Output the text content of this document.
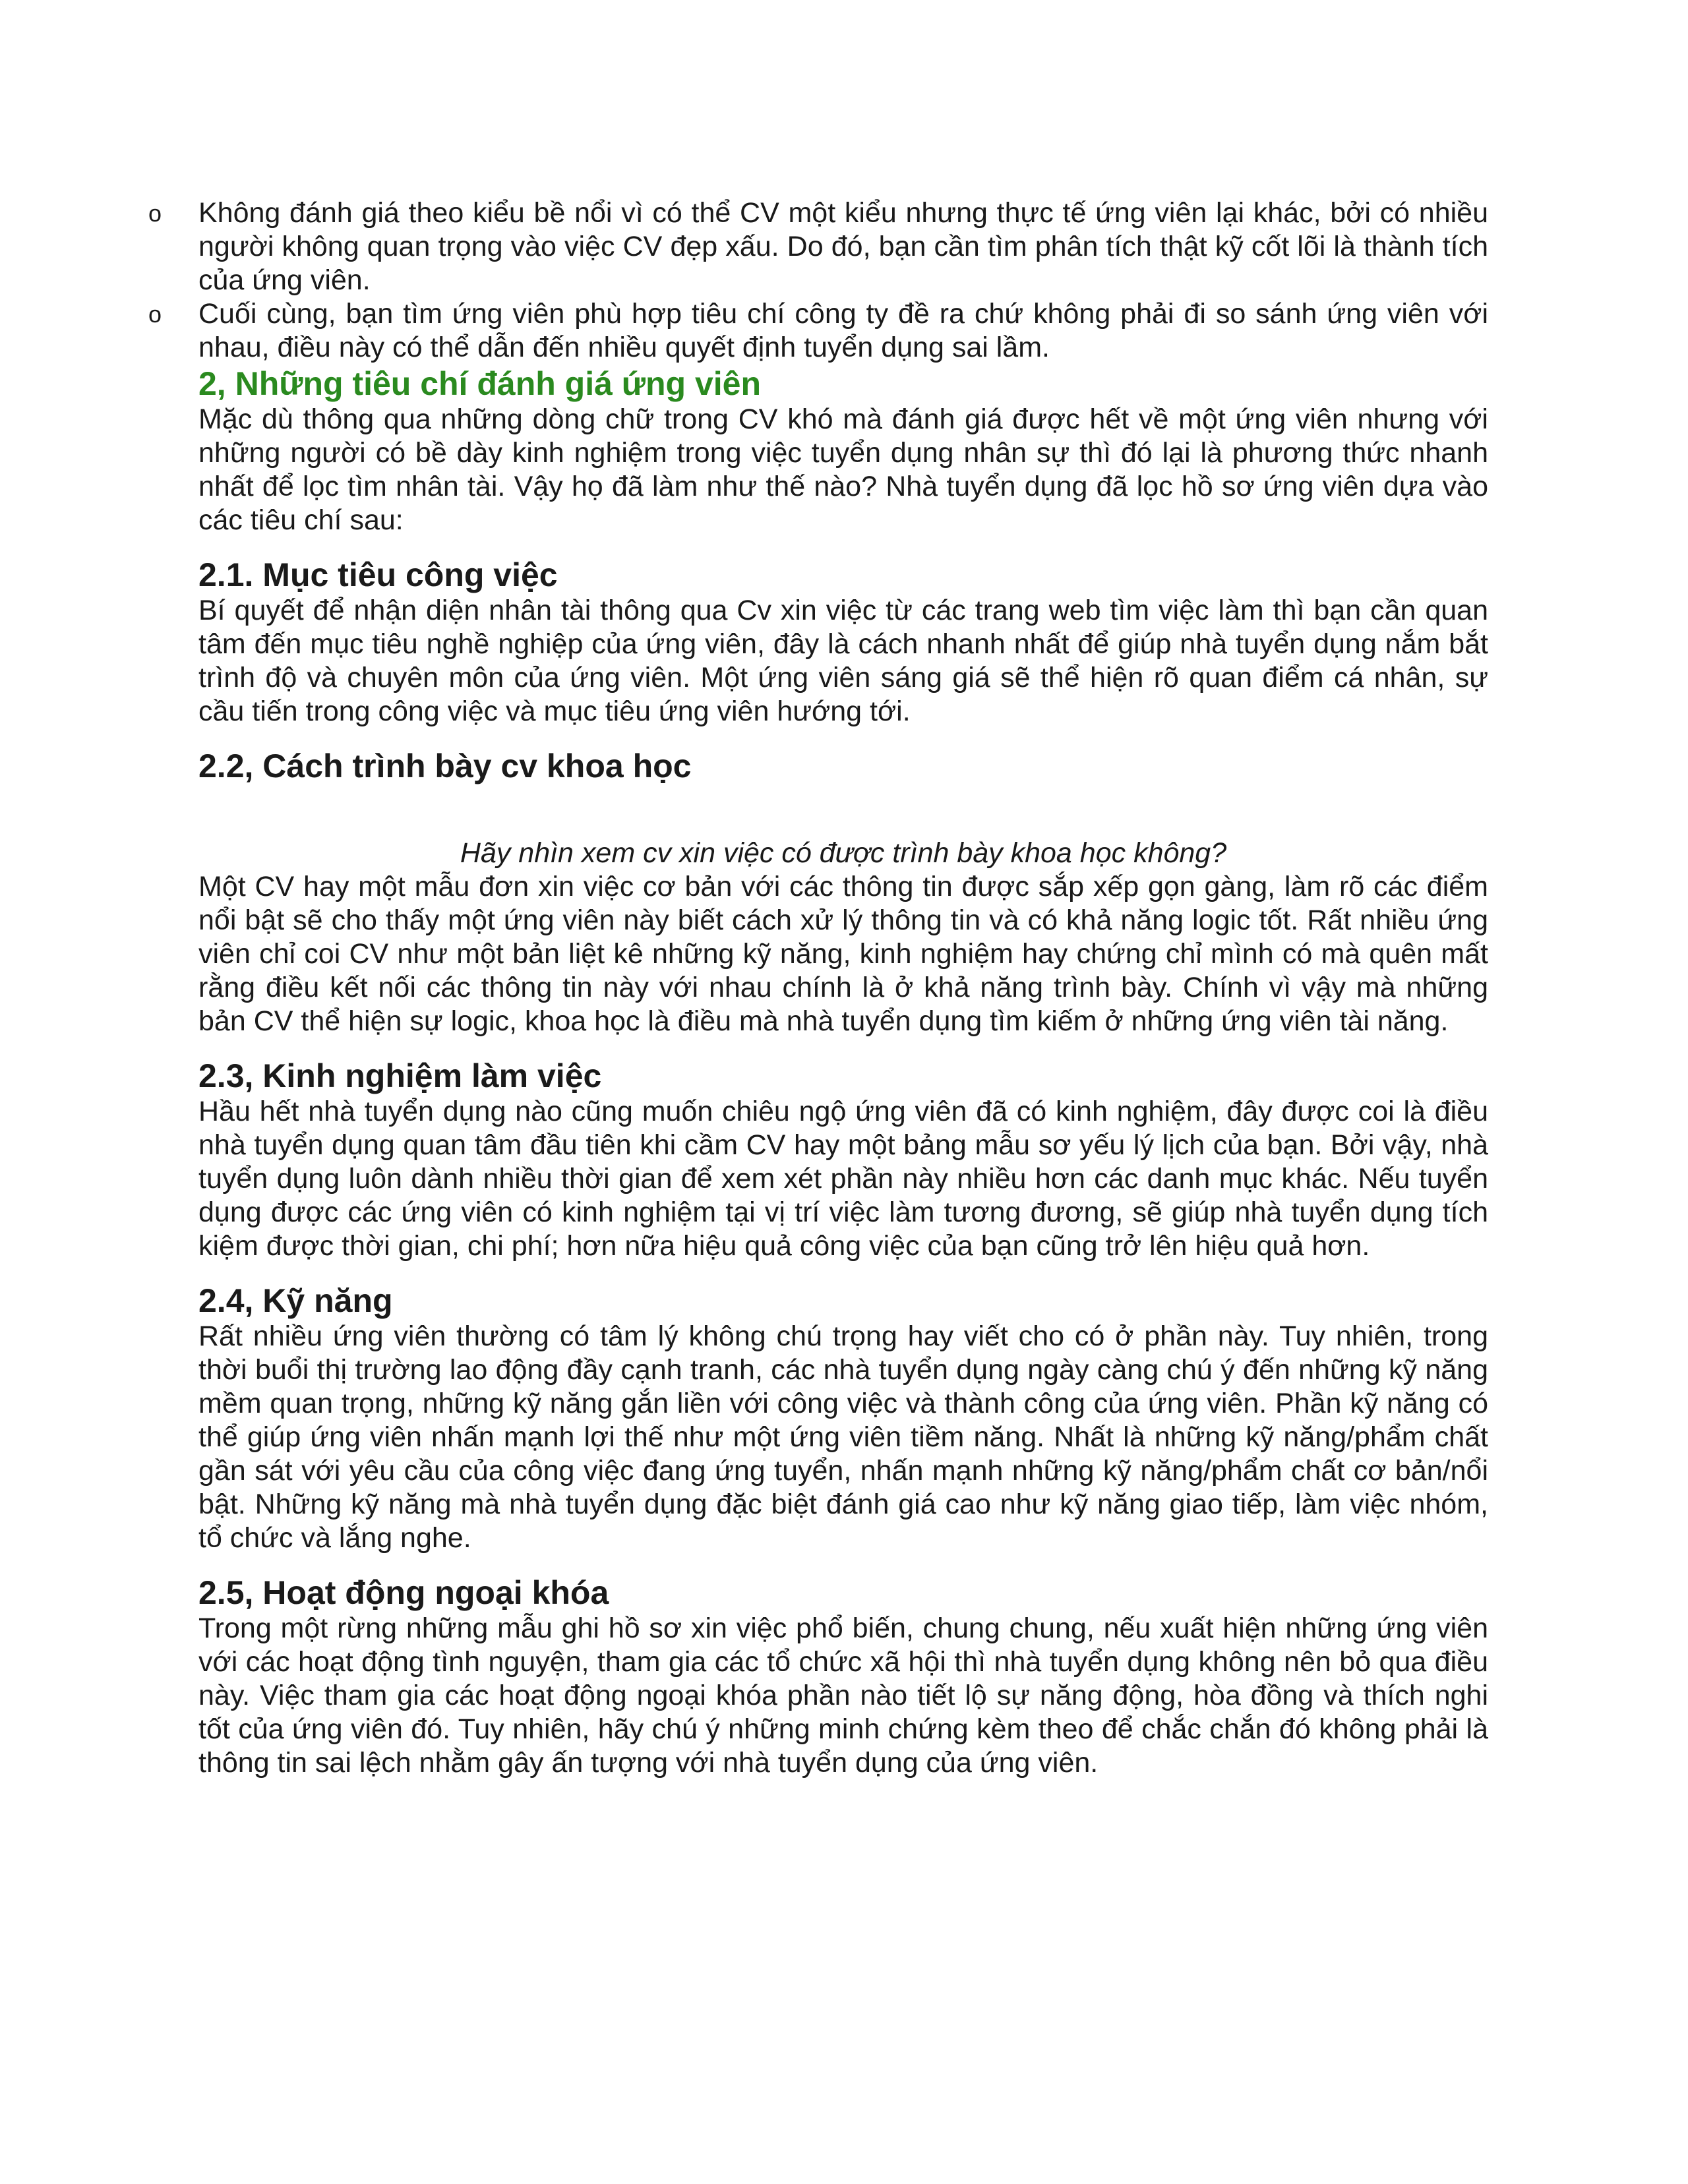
o Không đánh giá theo kiểu bề nổi vì có thể CV một kiểu nhưng thực tế ứng viên lại khác, bởi có nhiều người không quan trọng vào việc CV đẹp xấu. Do đó, bạn cần tìm phân tích thật kỹ cốt lõi là thành tích của ứng viên.
o Cuối cùng, bạn tìm ứng viên phù hợp tiêu chí công ty đề ra chứ không phải đi so sánh ứng viên với nhau, điều này có thể dẫn đến nhiều quyết định tuyển dụng sai lầm.
2, Những tiêu chí đánh giá ứng viên

Mặc dù thông qua những dòng chữ trong CV khó mà đánh giá được hết về một ứng viên nhưng với những người có bề dày kinh nghiệm trong việc tuyển dụng nhân sự thì đó lại là phương thức nhanh nhất để lọc tìm nhân tài. Vậy họ đã làm như thế nào? Nhà tuyển dụng đã lọc hồ sơ ứng viên dựa vào các tiêu chí sau:

2.1. Mục tiêu công việc

Bí quyết để nhận diện nhân tài thông qua Cv xin việc từ các trang web tìm việc làm thì bạn cần quan tâm đến mục tiêu nghề nghiệp của ứng viên, đây là cách nhanh nhất để giúp nhà tuyển dụng nắm bắt trình độ và chuyên môn của ứng viên. Một ứng viên sáng giá sẽ thể hiện rõ quan điểm cá nhân, sự cầu tiến trong công việc và mục tiêu ứng viên hướng tới.

2.2, Cách trình bày cv khoa học

Hãy nhìn xem cv xin việc có được trình bày khoa học không?

Một CV hay một mẫu đơn xin việc cơ bản với các thông tin được sắp xếp gọn gàng, làm rõ các điểm nổi bật sẽ cho thấy một ứng viên này biết cách xử lý thông tin và có khả năng logic tốt. Rất nhiều ứng viên chỉ coi CV như một bản liệt kê những kỹ năng, kinh nghiệm hay chứng chỉ mình có mà quên mất rằng điều kết nối các thông tin này với nhau chính là ở khả năng trình bày. Chính vì vậy mà những bản CV thể hiện sự logic, khoa học là điều mà nhà tuyển dụng tìm kiếm ở những ứng viên tài năng.

2.3, Kinh nghiệm làm việc

Hầu hết nhà tuyển dụng nào cũng muốn chiêu ngộ ứng viên đã có kinh nghiệm, đây được coi là điều nhà tuyển dụng quan tâm đầu tiên khi cầm CV hay một bảng mẫu sơ yếu lý lịch của bạn. Bởi vậy, nhà tuyển dụng luôn dành nhiều thời gian để xem xét phần này nhiều hơn các danh mục khác. Nếu tuyển dụng được các ứng viên có kinh nghiệm tại vị trí việc làm tương đương, sẽ giúp nhà tuyển dụng tích kiệm được thời gian, chi phí; hơn nữa hiệu quả công việc của bạn cũng trở lên hiệu quả hơn.

2.4, Kỹ năng

Rất nhiều ứng viên thường có tâm lý không chú trọng hay viết cho có ở phần này. Tuy nhiên, trong thời buổi thị trường lao động đầy cạnh tranh, các nhà tuyển dụng ngày càng chú ý đến những kỹ năng mềm quan trọng, những kỹ năng gắn liền với công việc và thành công của ứng viên. Phần kỹ năng có thể giúp ứng viên nhấn mạnh lợi thế như một ứng viên tiềm năng. Nhất là những kỹ năng/phẩm chất gần sát với yêu cầu của công việc đang ứng tuyển, nhấn mạnh những kỹ năng/phẩm chất cơ bản/nổi bật. Những kỹ năng mà nhà tuyển dụng đặc biệt đánh giá cao như kỹ năng giao tiếp, làm việc nhóm, tổ chức và lắng nghe.

2.5, Hoạt động ngoại khóa

Trong một rừng những mẫu ghi hồ sơ xin việc phổ biến, chung chung, nếu xuất hiện những ứng viên với các hoạt động tình nguyện, tham gia các tổ chức xã hội thì nhà tuyển dụng không nên bỏ qua điều này. Việc tham gia các hoạt động ngoại khóa phần nào tiết lộ sự năng động, hòa đồng và thích nghi tốt của ứng viên đó. Tuy nhiên, hãy chú ý những minh chứng kèm theo để chắc chắn đó không phải là thông tin sai lệch nhằm gây ấn tượng với nhà tuyển dụng của ứng viên.
